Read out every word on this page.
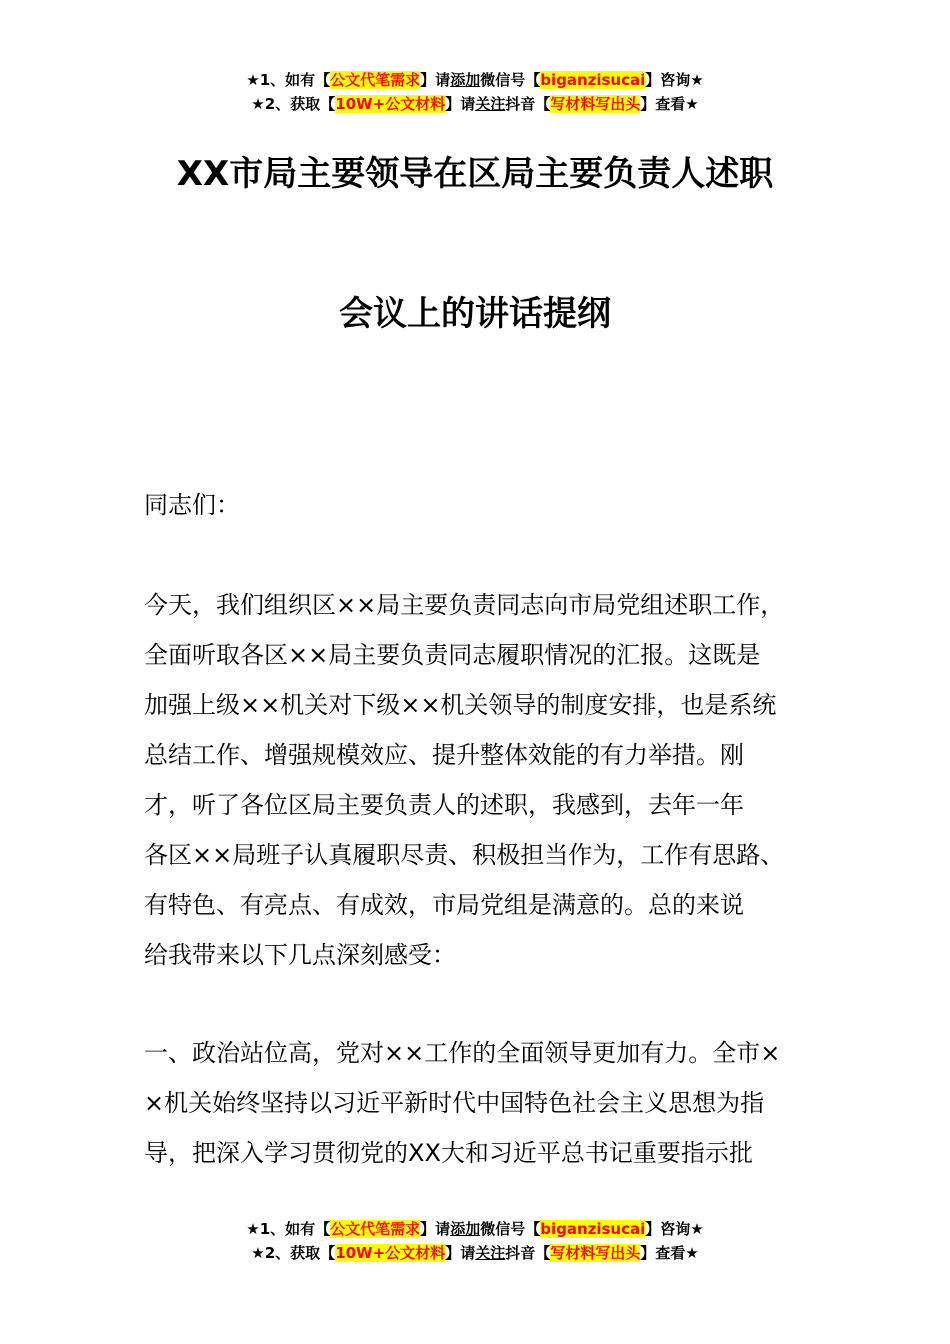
★1、如有【公文代笔需求】请添加微信号【biganzisucai】咨询★
★2、获取【10W+公文材料】请关注抖音【写材料写出头】查看★
XX市局主要领导在区局主要负责人述职
会议上的讲话提纲
同志们：
今天，我们组织区××局主要负责同志向市局党组述职工作，
全面听取各区××局主要负责同志履职情况的汇报。这既是
加强上级××机关对下级××机关领导的制度安排，也是系统
总结工作、增强规模效应、提升整体效能的有力举措。刚
才，听了各位区局主要负责人的述职，我感到，去年一年
各区××局班子认真履职尽责、积极担当作为，工作有思路、
有特色、有亮点、有成效，市局党组是满意的。总的来说
给我带来以下几点深刻感受：
一、政治站位高，党对××工作的全面领导更加有力。全市×
×机关始终坚持以习近平新时代中国特色社会主义思想为指
导，把深入学习贯彻党的XX大和习近平总书记重要指示批
★1、如有【公文代笔需求】请添加微信号【biganzisucai】咨询★
★2、获取【10W+公文材料】请关注抖音【写材料写出头】查看★
